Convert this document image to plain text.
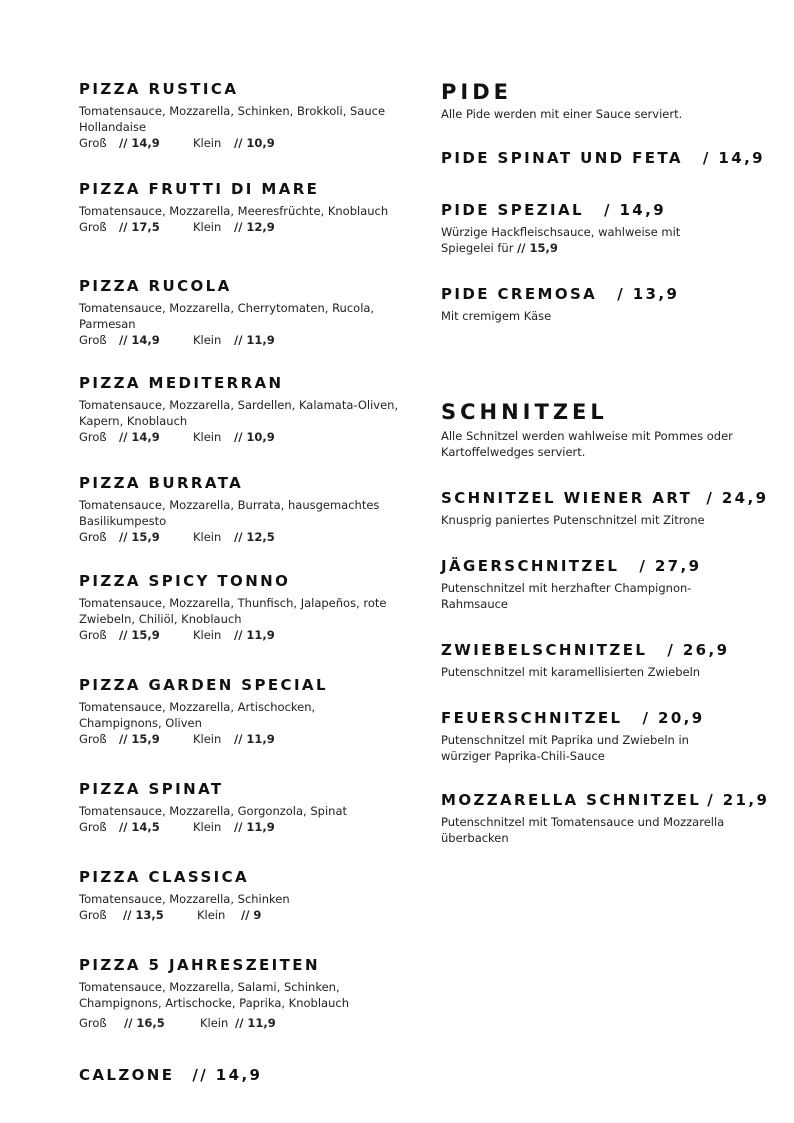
PIZZA RUSTICA
Tomatensauce, Mozzarella, Schinken, Brokkoli, Sauce Hollandaise
Groß // 14,9	Klein // 10,9
PIZZA FRUTTI DI MARE
Tomatensauce, Mozzarella, Meeresfrüchte, Knoblauch
Groß // 17,5	Klein // 12,9
PIZZA RUCOLA
Tomatensauce, Mozzarella, Cherrytomaten, Rucola, Parmesan
Groß // 14,9	Klein // 11,9
PIZZA MEDITERRAN
Tomatensauce, Mozzarella, Sardellen, Kalamata-Oliven, Kapern, Knoblauch
Groß // 14,9	Klein // 10,9
PIZZA BURRATA
Tomatensauce, Mozzarella, Burrata, hausgemachtes Basilikumpesto
Groß // 15,9	Klein // 12,5
PIZZA SPICY TONNO
Tomatensauce, Mozzarella, Thunfisch, Jalapeños, rote Zwiebeln, Chiliöl, Knoblauch
Groß // 15,9	Klein // 11,9
PIZZA GARDEN SPECIAL
Tomatensauce, Mozzarella, Artischocken, Champignons, Oliven
Groß // 15,9	Klein // 11,9
PIZZA SPINAT
Tomatensauce, Mozzarella, Gorgonzola, Spinat
Groß // 14,5	Klein // 11,9
PIZZA CLASSICA
Tomatensauce, Mozzarella, Schinken
Groß // 13,5	Klein // 9
PIZZA 5 JAHRESZEITEN
Tomatensauce, Mozzarella, Salami, Schinken, Champignons, Artischocke, Paprika, Knoblauch
Groß // 16,5	Klein // 11,9
CALZONE // 14,9
PIDE
Alle Pide werden mit einer Sauce serviert.
PIDE SPINAT UND FETA / 14,9
PIDE SPEZIAL / 14,9
Würzige Hackfleischsauce, wahlweise mit Spiegelei für // 15,9
PIDE CREMOSA / 13,9
Mit cremigem Käse
SCHNITZEL
Alle Schnitzel werden wahlweise mit Pommes oder Kartoffelwedges serviert.
SCHNITZEL WIENER ART / 24,9
Knusprig paniertes Putenschnitzel mit Zitrone
JÄGERSCHNITZEL / 27,9
Putenschnitzel mit herzhafter Champignon-Rahmsauce
ZWIEBELSCHNITZEL / 26,9
Putenschnitzel mit karamellisierten Zwiebeln
FEUERSCHNITZEL / 20,9
Putenschnitzel mit Paprika und Zwiebeln in würziger Paprika-Chili-Sauce
MOZZARELLA SCHNITZEL / 21,9
Putenschnitzel mit Tomatensauce und Mozzarella überbacken
